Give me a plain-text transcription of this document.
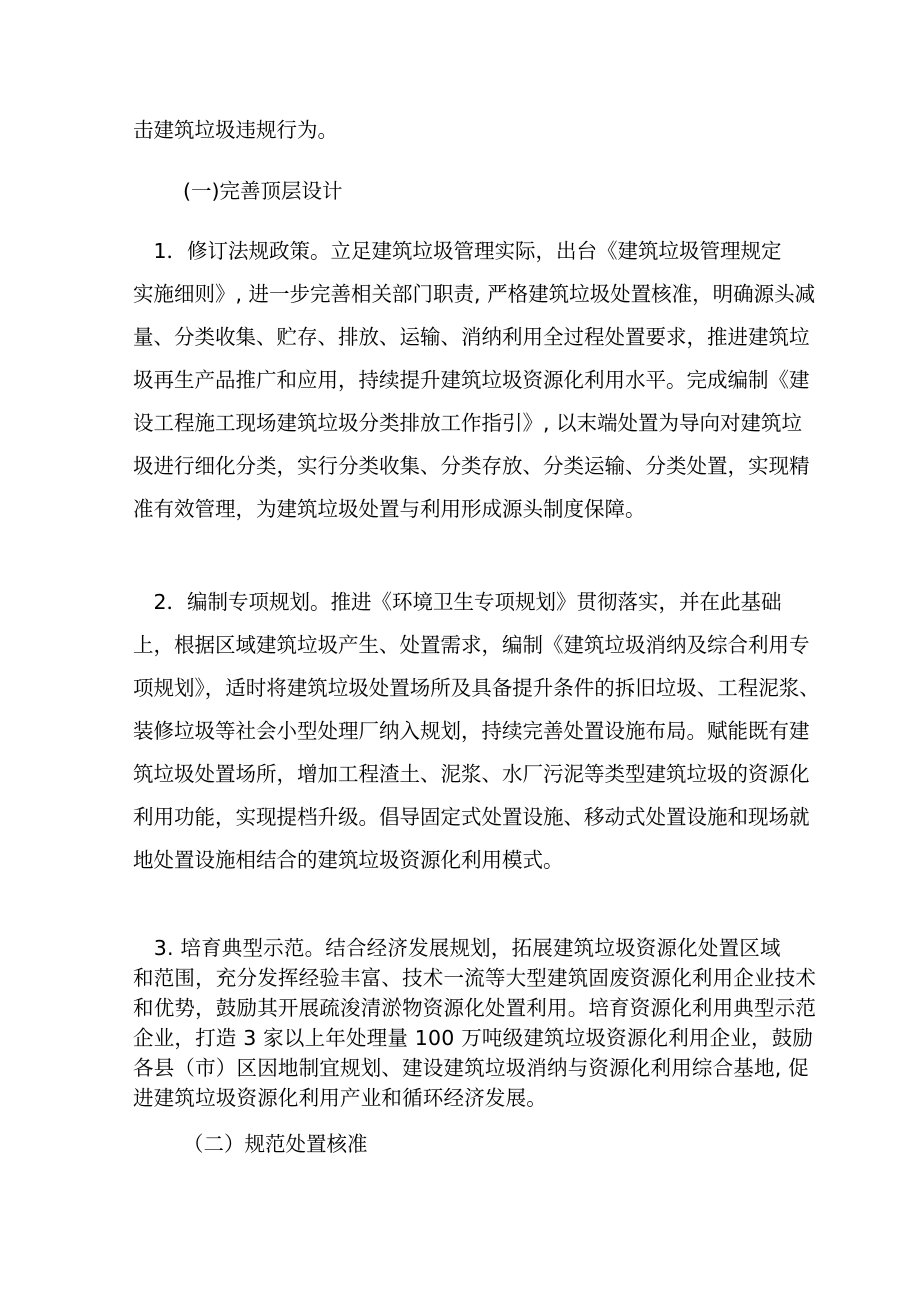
击建筑垃圾违规行为。

(一)完善顶层设计

　1．修订法规政策。立足建筑垃圾管理实际，出台《建筑垃圾管理规定
实施细则》, 进一步完善相关部门职责, 严格建筑垃圾处置核准，明确源头减
量、分类收集、贮存、排放、运输、消纳利用全过程处置要求，推进建筑垃
圾再生产品推广和应用，持续提升建筑垃圾资源化利用水平。完成编制《建
设工程施工现场建筑垃圾分类排放工作指引》, 以末端处置为导向对建筑垃
圾进行细化分类，实行分类收集、分类存放、分类运输、分类处置，实现精
准有效管理，为建筑垃圾处置与利用形成源头制度保障。

　2．编制专项规划。推进《环境卫生专项规划》贯彻落实，并在此基础
上，根据区域建筑垃圾产生、处置需求，编制《建筑垃圾消纳及综合利用专
项规划》，适时将建筑垃圾处置场所及具备提升条件的拆旧垃圾、工程泥浆、
装修垃圾等社会小型处理厂纳入规划，持续完善处置设施布局。赋能既有建
筑垃圾处置场所，增加工程渣土、泥浆、水厂污泥等类型建筑垃圾的资源化
利用功能，实现提档升级。倡导固定式处置设施、移动式处置设施和现场就
地处置设施相结合的建筑垃圾资源化利用模式。

　3. 培育典型示范。结合经济发展规划，拓展建筑垃圾资源化处置区域
和范围，充分发挥经验丰富、技术一流等大型建筑固废资源化利用企业技术
和优势，鼓励其开展疏浚清淤物资源化处置利用。培育资源化利用典型示范
企业，打造 3 家以上年处理量 100 万吨级建筑垃圾资源化利用企业，鼓励
各县（市）区因地制宜规划、建设建筑垃圾消纳与资源化利用综合基地, 促
进建筑垃圾资源化利用产业和循环经济发展。

（二）规范处置核准
